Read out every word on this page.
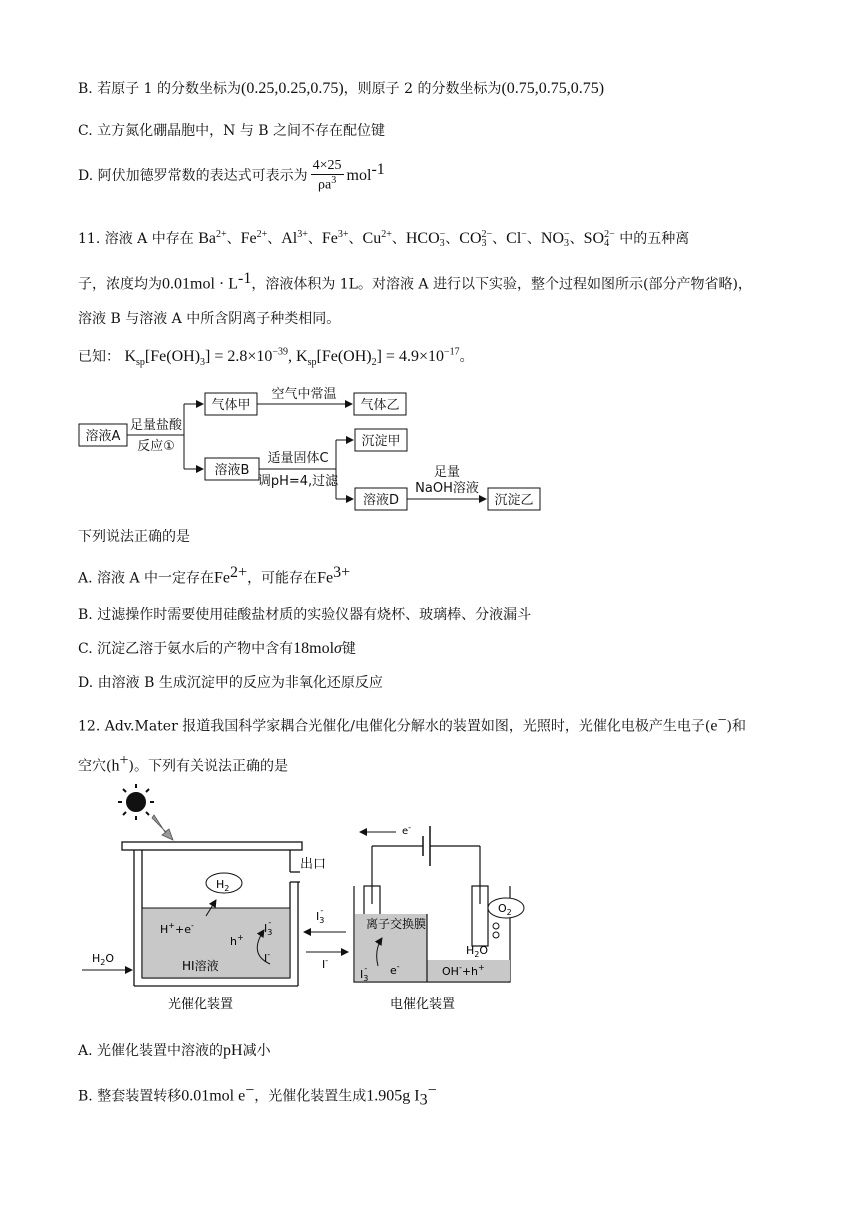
B. 若原子 1 的分数坐标为(0.25,0.25,0.75)，则原子 2 的分数坐标为(0.75,0.75,0.75)
C. 立方氮化硼晶胞中，N 与 B 之间不存在配位键
D. 阿伏加德罗常数的表达式可表示为 $\frac{4\times 25}{\rho a^3} mol^{-1}$
11. 溶液 A 中存在 Ba 2+
、Fe 2+
、Al 3+
、Fe 3+
、Cu 2+
、HCO −
3 、CO 2−
3 、Cl −
、NO −
3 、SO 2−
4 中的五种离
子，浓度均为$0.01mol \cdot L^{-1}$，溶液体积为 1L。对溶液 A 进行以下实验，整个过程如图所示(部分产物省略)，
溶液 B 与溶液 A 中所含阴离子种类相同。
已知： $K_{sp}[Fe(OH)_3] = 2.8\times 10^{-39}$, $K_{sp}[Fe(OH)_2] = 4.9\times 10^{-17}$。
溶液A
足量盐酸
反应①
气体甲
空气中常温
气体乙
溶液B
适量固体C
调pH=4,过滤
沉淀甲
溶液D
足量
NaOH溶液
沉淀乙
下列说法正确的是
A. 溶液 A 中一定存在$Fe^{2+}$，可能存在$Fe^{3+}$
B. 过滤操作时需要使用硅酸盐材质的实验仪器有烧杯、玻璃棒、分液漏斗
C. 沉淀乙溶于氨水后的产物中含有18molσ键
D. 由溶液 B 生成沉淀甲的反应为非氧化还原反应
12. Adv.Mater 报道我国科学家耦合光催化/电催化分解水的装置如图，光照时，光催化电极产生电子(e−)和
空穴(h+)。下列有关说法正确的是
出口
$H_2$
H++e-
h+
$I_3-$
I-
HI溶液
$H_2O$
光催化装置
$I_3-$
I-
e-
离子交换膜
$O_2$
$H_2O$
OH-+h+
$I_3-$ e-
电催化装置
A. 光催化装置中溶液的pH减小
B. 整套装置转移0.01mol e−，光催化装置生成1.905g $I_3^-$
